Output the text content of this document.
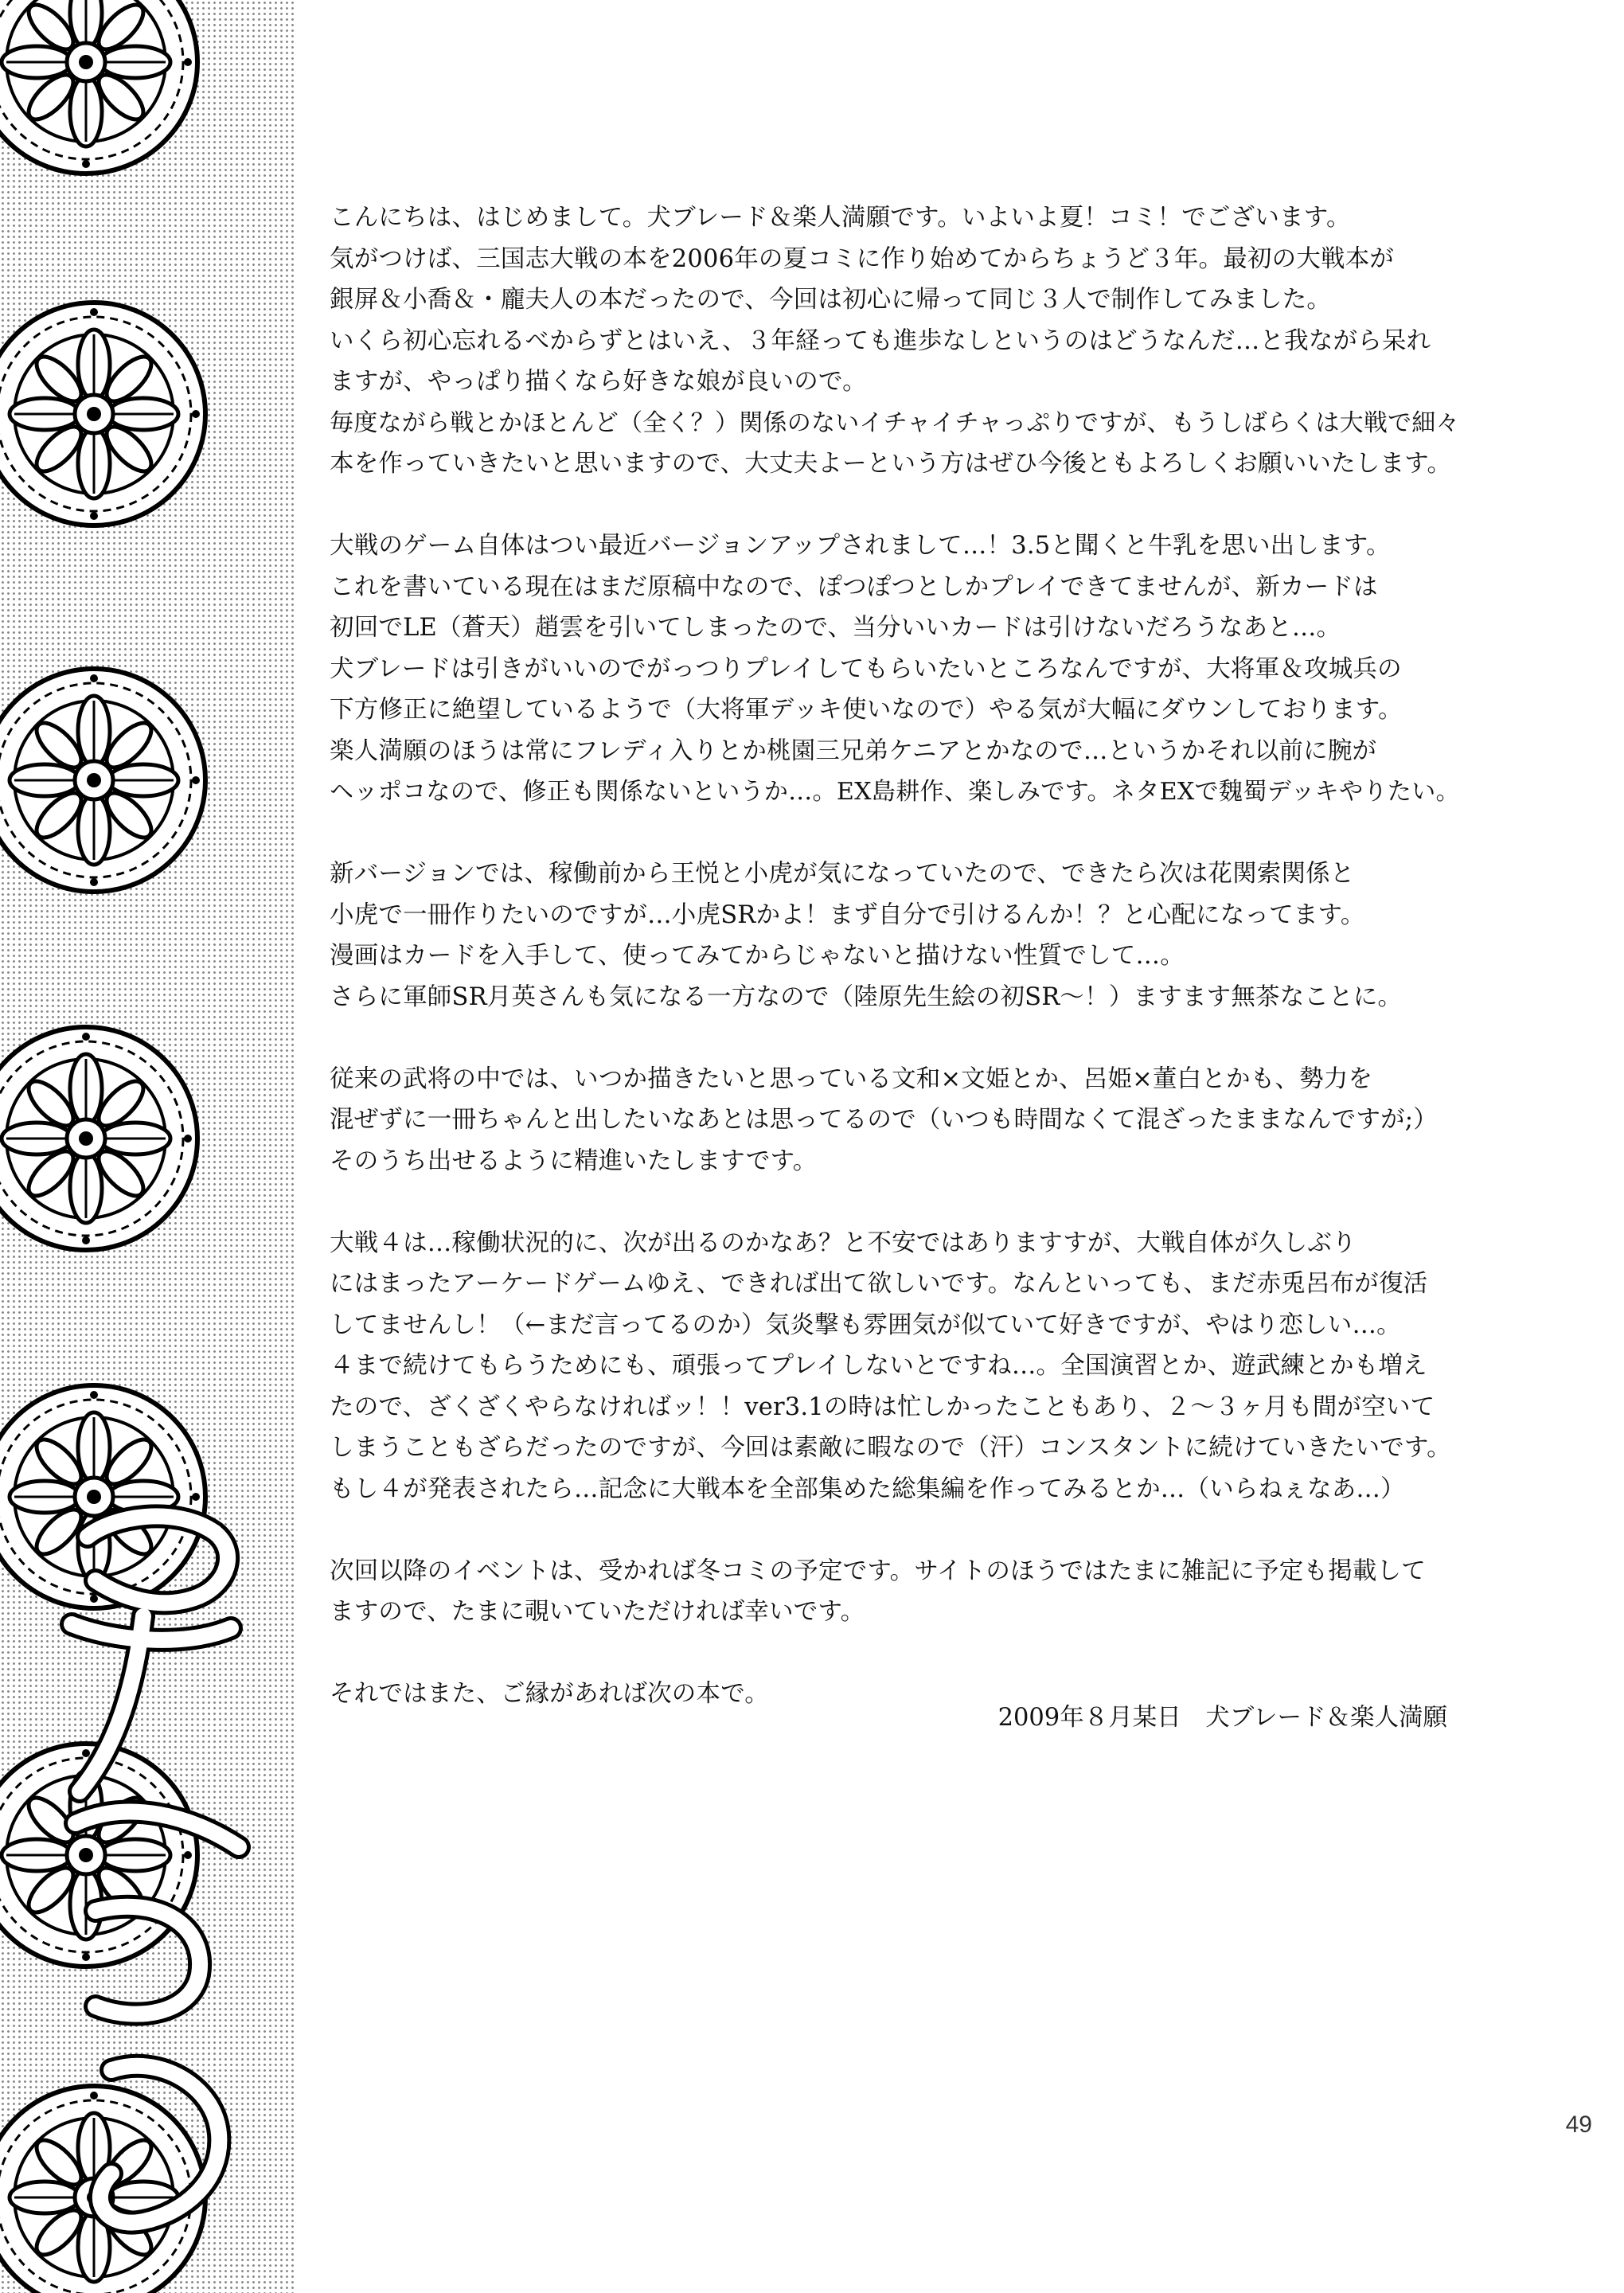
こんにちは、はじめまして。犬ブレード＆楽人満願です。いよいよ夏！コミ！でございます。
気がつけば、三国志大戦の本を2006年の夏コミに作り始めてからちょうど３年。最初の大戦本が
銀屏＆小喬＆・龐夫人の本だったので、今回は初心に帰って同じ３人で制作してみました。
いくら初心忘れるべからずとはいえ、３年経っても進歩なしというのはどうなんだ…と我ながら呆れ
ますが、やっぱり描くなら好きな娘が良いので。
毎度ながら戦とかほとんど（全く？）関係のないイチャイチャっぷりですが、もうしばらくは大戦で細々
本を作っていきたいと思いますので、大丈夫よーという方はぜひ今後ともよろしくお願いいたします。
大戦のゲーム自体はつい最近バージョンアップされまして…！3.5と聞くと牛乳を思い出します。
これを書いている現在はまだ原稿中なので、ぽつぽつとしかプレイできてませんが、新カードは
初回でLE（蒼天）趙雲を引いてしまったので、当分いいカードは引けないだろうなあと…。
犬ブレードは引きがいいのでがっつりプレイしてもらいたいところなんですが、大将軍＆攻城兵の
下方修正に絶望しているようで（大将軍デッキ使いなので）やる気が大幅にダウンしております。
楽人満願のほうは常にフレディ入りとか桃園三兄弟ケニアとかなので…というかそれ以前に腕が
ヘッポコなので、修正も関係ないというか…。EX島耕作、楽しみです。ネタEXで魏蜀デッキやりたい。
新バージョンでは、稼働前から王悦と小虎が気になっていたので、できたら次は花関索関係と
小虎で一冊作りたいのですが…小虎SRかよ！まず自分で引けるんか！？と心配になってます。
漫画はカードを入手して、使ってみてからじゃないと描けない性質でして…。
さらに軍師SR月英さんも気になる一方なので（陸原先生絵の初SR〜！）ますます無茶なことに。
従来の武将の中では、いつか描きたいと思っている文和×文姫とか、呂姫×董白とかも、勢力を
混ぜずに一冊ちゃんと出したいなあとは思ってるので（いつも時間なくて混ざったままなんですが;）
そのうち出せるように精進いたしますです。
大戦４は…稼働状況的に、次が出るのかなあ？と不安ではありますすが、大戦自体が久しぶり
にはまったアーケードゲームゆえ、できれば出て欲しいです。なんといっても、まだ赤兎呂布が復活
してませんし！（←まだ言ってるのか）気炎撃も雰囲気が似ていて好きですが、やはり恋しい…。
４まで続けてもらうためにも、頑張ってプレイしないとですね…。全国演習とか、遊武練とかも増え
たので、ざくざくやらなければッ！！ver3.1の時は忙しかったこともあり、２〜３ヶ月も間が空いて
しまうこともざらだったのですが、今回は素敵に暇なので（汗）コンスタントに続けていきたいです。
もし４が発表されたら…記念に大戦本を全部集めた総集編を作ってみるとか…（いらねぇなあ…）
次回以降のイベントは、受かれば冬コミの予定です。サイトのほうではたまに雑記に予定も掲載して
ますので、たまに覗いていただければ幸いです。
それではまた、ご縁があれば次の本で。
2009年８月某日　犬ブレード＆楽人満願
49
